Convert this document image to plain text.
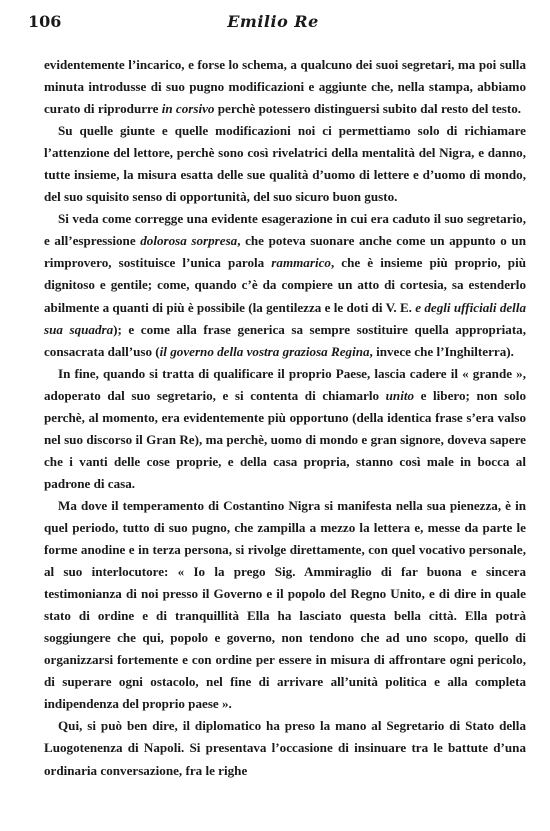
106	Emilio Re

evidentemente l’incarico, e forse lo schema, a qualcuno dei suoi segretari, ma poi sulla minuta introdusse di suo pugno modificazioni e aggiunte che, nella stampa, abbiamo curato di riprodurre in corsivo perchè potessero distinguersi subito dal resto del testo.

Su quelle giunte e quelle modificazioni noi ci permettiamo solo di richiamare l’attenzione del lettore, perchè sono così rivelatrici della mentalità del Nigra, e danno, tutte insieme, la misura esatta delle sue qualità d’uomo di lettere e d’uomo di mondo, del suo squisito senso di opportunità, del suo sicuro buon gusto.

Si veda come corregge una evidente esagerazione in cui era caduto il suo segretario, e all’espressione dolorosa sorpresa, che poteva suonare anche come un appunto o un rimprovero, sostituisce l’unica parola rammarico, che è insieme più proprio, più dignitoso e gentile; come, quando c’è da compiere un atto di cortesia, sa estenderlo abilmente a quanti di più è possibile (la gentilezza e le doti di V. E. e degli ufficiali della sua squadra); e come alla frase generica sa sempre sostituire quella appropriata, consacrata dall’uso (il governo della vostra graziosa Regina, invece che l’Inghilterra).

In fine, quando si tratta di qualificare il proprio Paese, lascia cadere il « grande », adoperato dal suo segretario, e si contenta di chiamarlo unito e libero; non solo perchè, al momento, era evidentemente più opportuno (della identica frase s’era valso nel suo discorso il Gran Re), ma perchè, uomo di mondo e gran signore, doveva sapere che i vanti delle cose proprie, e della casa propria, stanno così male in bocca al padrone di casa.

Ma dove il temperamento di Costantino Nigra si manifesta nella sua pienezza, è in quel periodo, tutto di suo pugno, che zampilla a mezzo la lettera e, messe da parte le forme anodine e in terza persona, si rivolge direttamente, con quel vocativo personale, al suo interlocutore: « Io la prego Sig. Ammiraglio di far buona e sincera testimonianza di noi presso il Governo e il popolo del Regno Unito, e di dire in quale stato di ordine e di tranquillità Ella ha lasciato questa bella città. Ella potrà soggiungere che qui, popolo e governo, non tendono che ad uno scopo, quello di organizzarsi fortemente e con ordine per essere in misura di affrontare ogni pericolo, di superare ogni ostacolo, nel fine di arrivare all’unità politica e alla completa indipendenza del proprio paese ».

Qui, si può ben dire, il diplomatico ha preso la mano al Segretario di Stato della Luogotenenza di Napoli. Si presentava l’occasione di insinuare tra le battute d’una ordinaria conversazione, fra le righe
